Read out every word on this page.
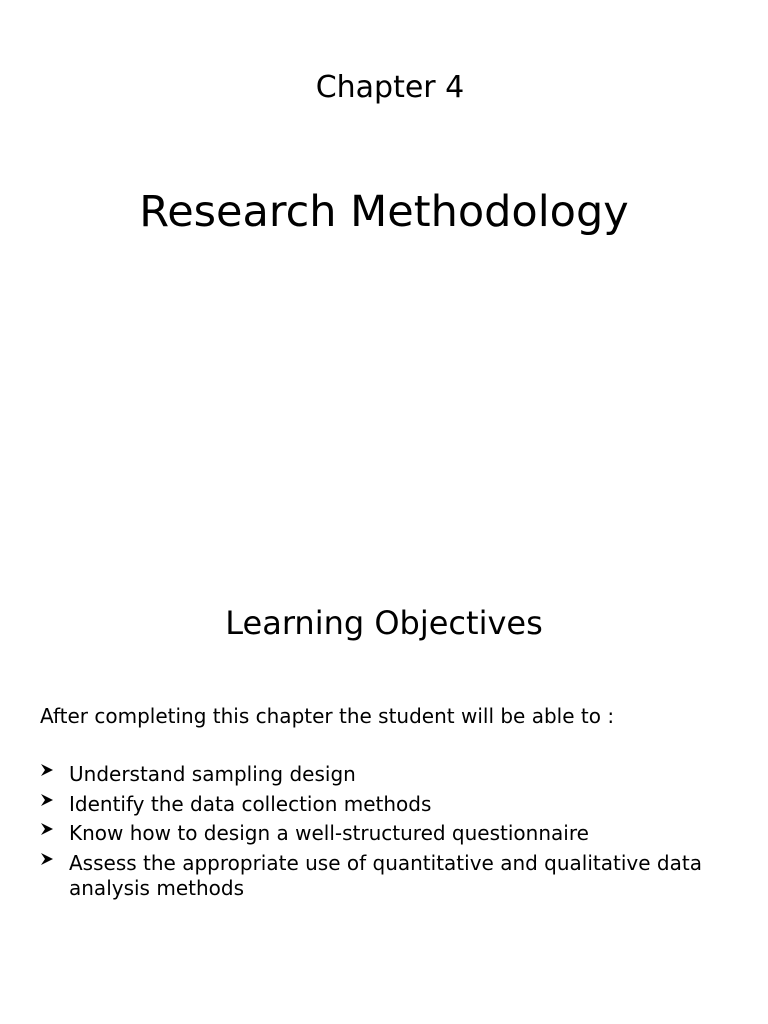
Chapter 4
Research Methodology
Learning Objectives
After completing this chapter the student will be able to :
Understand sampling design
Identify the data collection methods
Know how to design a well-structured questionnaire
Assess the appropriate use of quantitative and qualitative data analysis methods
